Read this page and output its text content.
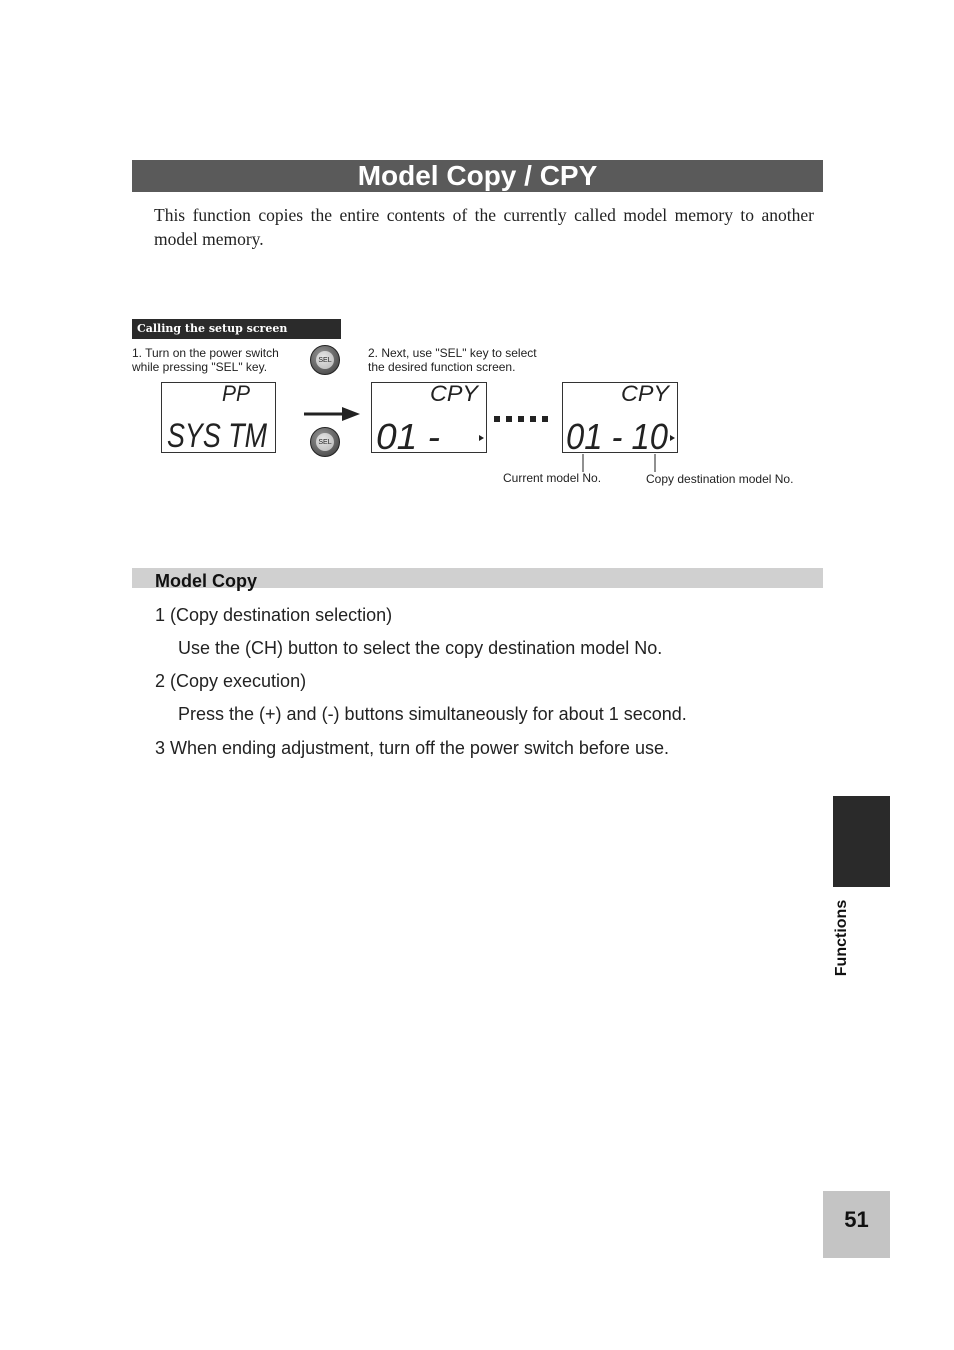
Model Copy / CPY
This function copies the entire contents of the currently called model memory to another model memory.
Calling the setup screen
1. Turn on the power switch
while pressing "SEL" key.
2. Next, use "SEL" key to select
the desired function screen.
SEL
SEL
PP
SYS TM
CPY
01 -
CPY
01 - 10
Current model No.	Copy destination model No.
Model Copy
1 (Copy destination selection)
Use the (CH) button to select the copy destination model No.
2 (Copy execution)
Press the (+) and (-) buttons simultaneously for about 1 second.
3 When ending adjustment, turn off the power switch before use.
Functions
51
